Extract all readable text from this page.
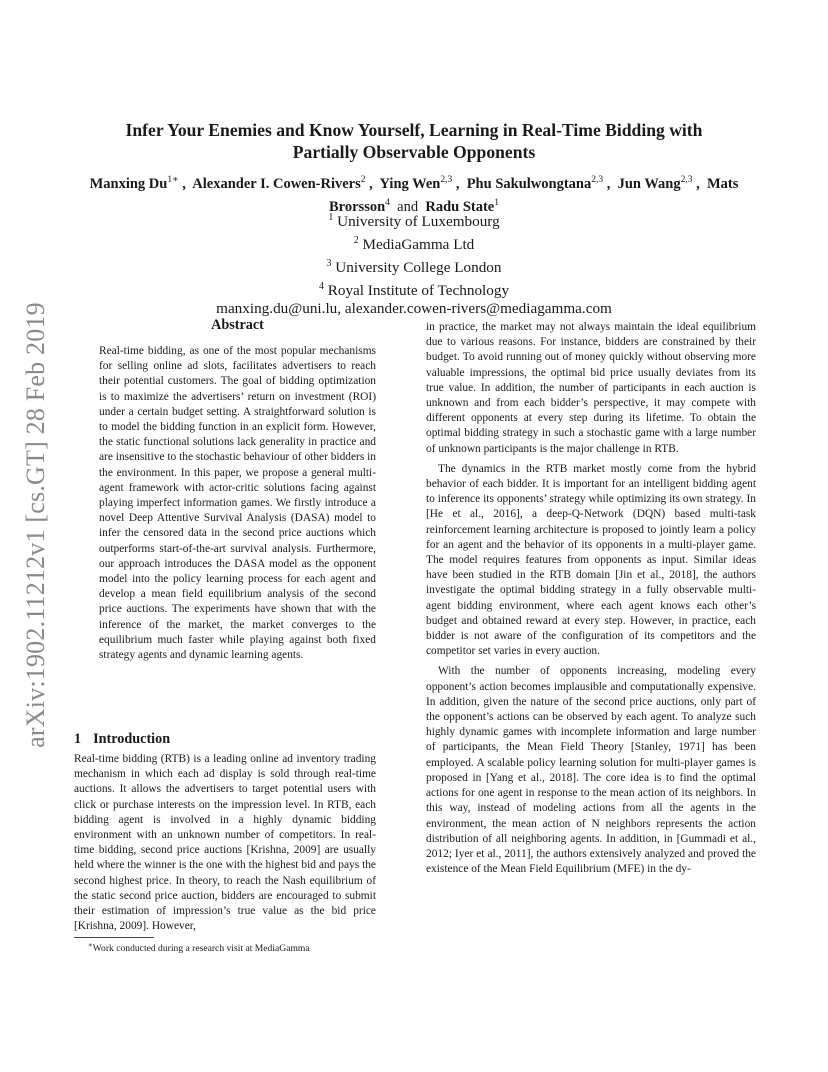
arXiv:1902.11212v1 [cs.GT] 28 Feb 2019
Infer Your Enemies and Know Yourself, Learning in Real-Time Bidding with
Partially Observable Opponents
Manxing $Du^{1∗}$ ,  Alexander I. Cowen-Rivers$^2$ ,  Ying Wen$^{2,3}$ ,  Phu Sakulwongtana$^{2,3}$ ,  Jun Wang$^{2,3}$ ,  Mats Brorsson$^4$ and Radu State$^1$
$^1$ University of Luxembourg
$^2$ MediaGamma Ltd
$^3$ University College London
$^4$ Royal Institute of Technology
manxing.du@uni.lu, alexander.cowen-rivers@mediagamma.com
Abstract

Real-time bidding, as one of the most popular mechanisms for selling online ad slots, facilitates advertisers to reach their potential customers. The goal of bidding optimization is to maximize the advertisers’ return on investment (ROI) under a certain budget setting. A straightforward solution is to model the bidding function in an explicit form. However, the static functional solutions lack generality in practice and are insensitive to the stochastic behaviour of other bidders in the environment. In this paper, we propose a general multi-agent framework with actor-critic solutions facing against playing imperfect information games. We firstly introduce a novel Deep Attentive Survival Analysis (DASA) model to infer the censored data in the second price auctions which outperforms start-of-the-art survival analysis. Furthermore, our approach introduces the DASA model as the opponent model into the policy learning process for each agent and develop a mean field equilibrium analysis of the second price auctions. The experiments have shown that with the inference of the market, the market converges to the equilibrium much faster while playing against both fixed strategy agents and dynamic learning agents.

1 Introduction

Real-time bidding (RTB) is a leading online ad inventory trading mechanism in which each ad display is sold through real-time auctions. It allows the advertisers to target potential users with click or purchase interests on the impression level. In RTB, each bidding agent is involved in a highly dynamic bidding environment with an unknown number of competitors. In real-time bidding, second price auctions [Krishna, 2009] are usually held where the winner is the one with the highest bid and pays the second highest price. In theory, to reach the Nash equilibrium of the static second price auction, bidders are encouraged to submit their estimation of impression’s true value as the bid price [Krishna, 2009]. However,

∗Work conducted during a research visit at MediaGamma

in practice, the market may not always maintain the ideal equilibrium due to various reasons. For instance, bidders are constrained by their budget. To avoid running out of money quickly without observing more valuable impressions, the optimal bid price usually deviates from its true value. In addition, the number of participants in each auction is unknown and from each bidder’s perspective, it may compete with different opponents at every step during its lifetime. To obtain the optimal bidding strategy in such a stochastic game with a large number of unknown participants is the major challenge in RTB.

The dynamics in the RTB market mostly come from the hybrid behavior of each bidder. It is important for an intelligent bidding agent to inference its opponents’ strategy while optimizing its own strategy. In [He et al., 2016], a deep-Q-Network (DQN) based multi-task reinforcement learning architecture is proposed to jointly learn a policy for an agent and the behavior of its opponents in a multi-player game. The model requires features from opponents as input. Similar ideas have been studied in the RTB domain [Jin et al., 2018], the authors investigate the optimal bidding strategy in a fully observable multi-agent bidding environment, where each agent knows each other’s budget and obtained reward at every step. However, in practice, each bidder is not aware of the configuration of its competitors and the competitor set varies in every auction.

With the number of opponents increasing, modeling every opponent’s action becomes implausible and computationally expensive. In addition, given the nature of the second price auctions, only part of the opponent’s actions can be observed by each agent. To analyze such highly dynamic games with incomplete information and large number of participants, the Mean Field Theory [Stanley, 1971] has been employed. A scalable policy learning solution for multi-player games is proposed in [Yang et al., 2018]. The core idea is to find the optimal actions for one agent in response to the mean action of its neighbors. In this way, instead of modeling actions from all the agents in the environment, the mean action of N neighbors represents the action distribution of all neighboring agents. In addition, in [Gummadi et al., 2012; Iyer et al., 2011], the authors extensively analyzed and proved the existence of the Mean Field Equilibrium (MFE) in the dy-
